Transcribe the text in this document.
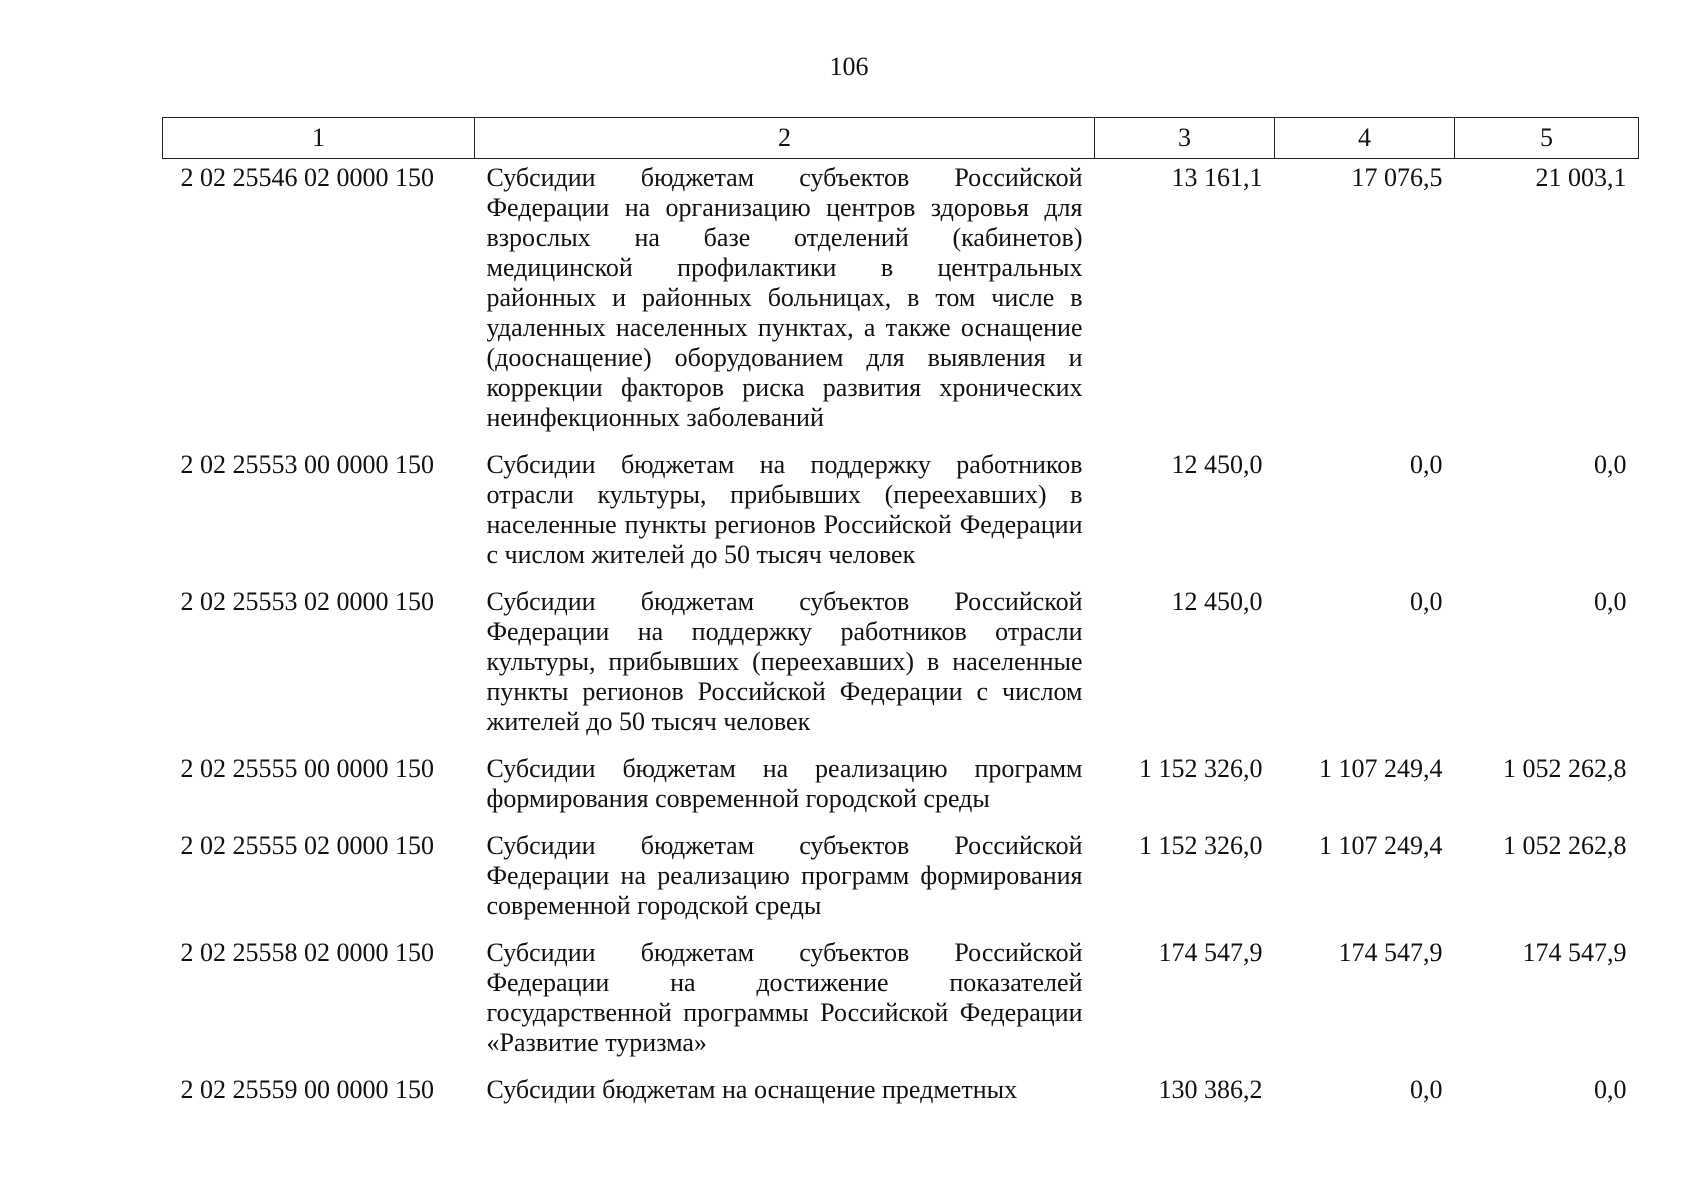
106
1	2	3	4	5
2 02 25546 02 0000 150	Субсидии бюджетам субъектов Российской Федерации на организацию центров здоровья для взрослых на базе отделений (кабинетов) медицинской профилактики в центральных районных и районных больницах, в том числе в удаленных населенных пунктах, а также оснащение (дооснащение) оборудованием для выявления и коррекции факторов риска развития хронических неинфекционных заболеваний	13 161,1	17 076,5	21 003,1
2 02 25553 00 0000 150	Субсидии бюджетам на поддержку работников отрасли культуры, прибывших (переехавших) в населенные пункты регионов Российской Федерации с числом жителей до 50 тысяч человек	12 450,0	0,0	0,0
2 02 25553 02 0000 150	Субсидии бюджетам субъектов Российской Федерации на поддержку работников отрасли культуры, прибывших (переехавших) в населенные пункты регионов Российской Федерации с числом жителей до 50 тысяч человек	12 450,0	0,0	0,0
2 02 25555 00 0000 150	Субсидии бюджетам на реализацию программ формирования современной городской среды	1 152 326,0	1 107 249,4	1 052 262,8
2 02 25555 02 0000 150	Субсидии бюджетам субъектов Российской Федерации на реализацию программ формирования современной городской среды	1 152 326,0	1 107 249,4	1 052 262,8
2 02 25558 02 0000 150	Субсидии бюджетам субъектов Российской Федерации на достижение показателей государственной программы Российской Федерации «Развитие туризма»	174 547,9	174 547,9	174 547,9
2 02 25559 00 0000 150	Субсидии бюджетам на оснащение предметных	130 386,2	0,0	0,0
